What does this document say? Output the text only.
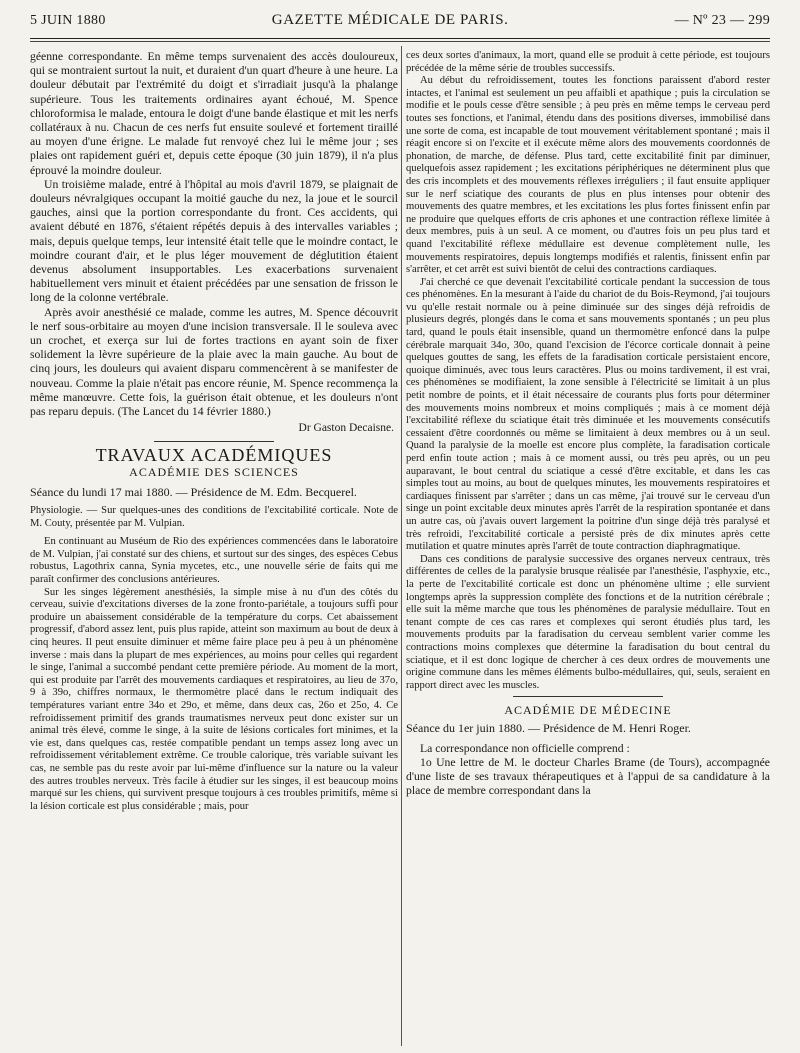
5 JUIN 1880	GAZETTE MÉDICALE DE PARIS.	— Nº 23 — 299

géenne correspondante. En même temps survenaient des accès douloureux, qui se montraient surtout la nuit, et duraient d'un quart d'heure à une heure. La douleur débutait par l'extrémité du doigt et s'irradiait jusqu'à la phalange supérieure. Tous les traitements ordinaires ayant échoué, M. Spence chloroformisa le malade, entoura le doigt d'une bande élastique et mit les nerfs collatéraux à nu. Chacun de ces nerfs fut ensuite soulevé et fortement tiraillé au moyen d'une érigne. Le malade fut renvoyé chez lui le même jour ; ses plaies ont rapidement guéri et, depuis cette époque (30 juin 1879), il n'a plus éprouvé la moindre douleur.

Un troisième malade, entré à l'hôpital au mois d'avril 1879, se plaignait de douleurs névralgiques occupant la moitié gauche du nez, la joue et le sourcil gauches, ainsi que la portion correspondante du front. Ces accidents, qui avaient débuté en 1876, s'étaient répétés depuis à des intervalles variables ; mais, depuis quelque temps, leur intensité était telle que le moindre contact, le moindre courant d'air, et le plus léger mouvement de déglutition étaient devenus absolument insupportables. Les exacerbations survenaient habituellement vers minuit et étaient précédées par une sensation de frisson le long de la colonne vertébrale.

Après avoir anesthésié ce malade, comme les autres, M. Spence découvrit le nerf sous-orbitaire au moyen d'une incision transversale. Il le souleva avec un crochet, et exerça sur lui de fortes tractions en ayant soin de fixer solidement la lèvre supérieure de la plaie avec la main gauche. Au bout de cinq jours, les douleurs qui avaient disparu commencèrent à se manifester de nouveau. Comme la plaie n'était pas encore réunie, M. Spence recommença la même manœuvre. Cette fois, la guérison était obtenue, et les douleurs n'ont pas reparu depuis. (The Lancet du 14 février 1880.)

Dr Gaston Decaisne.
TRAVAUX ACADÉMIQUES
ACADÉMIE DES SCIENCES

Séance du lundi 17 mai 1880. — Présidence de M. Edm. Becquerel.

Physiologie. — Sur quelques-unes des conditions de l'excitabilité corticale. Note de M. Couty, présentée par M. Vulpian.

En continuant au Muséum de Rio des expériences commencées dans le laboratoire de M. Vulpian, j'ai constaté sur des chiens, et surtout sur des singes, des espèces Cebus robustus, Lagothrix canna, Synia mycetes, etc., une nouvelle série de faits qui me paraît confirmer des conclusions antérieures.

Sur les singes légèrement anesthésiés, la simple mise à nu d'un des côtés du cerveau, suivie d'excitations diverses de la zone fronto-pariétale, a toujours suffi pour produire un abaissement considérable de la température du corps. Cet abaissement progressif, d'abord assez lent, puis plus rapide, atteint son maximum au bout de deux à cinq heures. Il peut ensuite diminuer et même faire place peu à peu à un phénomène inverse : mais dans la plupart de mes expériences, au moins pour celles qui regardent le singe, l'animal a succombé pendant cette première période. Au moment de la mort, qui est produite par l'arrêt des mouvements cardiaques et respiratoires, au lieu de 37o, 9 à 39o, chiffres normaux, le thermomètre placé dans le rectum indiquait des températures variant entre 34o et 29o, et même, dans deux cas, 26o et 25o, 4. Ce refroidissement primitif des grands traumatismes nerveux peut donc exister sur un animal très élevé, comme le singe, à la suite de lésions corticales fort minimes, et la vie est, dans quelques cas, restée compatible pendant un temps assez long avec un refroidissement véritablement extrême. Ce trouble calorique, très variable suivant les cas, ne semble pas du reste avoir par lui-même d'influence sur la nature ou la valeur des autres troubles nerveux. Très facile à étudier sur les singes, il est beaucoup moins marqué sur les chiens, qui survivent presque toujours à ces troubles primitifs, même si la lésion corticale est plus considérable ; mais, pour

ces deux sortes d'animaux, la mort, quand elle se produit à cette période, est toujours précédée de la même série de troubles successifs.

Au début du refroidissement, toutes les fonctions paraissent d'abord rester intactes, et l'animal est seulement un peu affaibli et apathique ; puis la circulation se modifie et le pouls cesse d'être sensible ; à peu près en même temps le cerveau perd toutes ses fonctions, et l'animal, étendu dans des positions diverses, immobilisé dans une sorte de coma, est incapable de tout mouvement véritablement spontané ; mais il réagit encore si on l'excite et il exécute même alors des mouvements coordonnés de phonation, de marche, de défense. Plus tard, cette excitabilité finit par diminuer, quelquefois assez rapidement ; les excitations périphériques ne déterminent plus que des cris incomplets et des mouvements réflexes irréguliers ; il faut ensuite appliquer sur le nerf sciatique des courants de plus en plus intenses pour obtenir des mouvements des quatre membres, et les excitations les plus fortes finissent enfin par ne produire que quelques efforts de cris aphones et une contraction réflexe limitée à deux membres, puis à un seul. A ce moment, ou d'autres fois un peu plus tard et quand l'excitabilité réflexe médullaire est devenue complètement nulle, les mouvements respiratoires, depuis longtemps modifiés et ralentis, finissent enfin par s'arrêter, et cet arrêt est suivi bientôt de celui des contractions cardiaques.

J'ai cherché ce que devenait l'excitabilité corticale pendant la succession de tous ces phénomènes. En la mesurant à l'aide du chariot de du Bois-Reymond, j'ai toujours vu qu'elle restait normale ou à peine diminuée sur des singes déjà refroidis de plusieurs degrés, plongés dans le coma et sans mouvements spontanés ; un peu plus tard, quand le pouls était insensible, quand un thermomètre enfoncé dans la pulpe cérébrale marquait 34o, 30o, quand l'excision de l'écorce corticale donnait à peine quelques gouttes de sang, les effets de la faradisation corticale persistaient encore, quoique diminués, avec tous leurs caractères. Plus ou moins tardivement, il est vrai, ces phénomènes se modifiaient, la zone sensible à l'électricité se limitait à un plus petit nombre de points, et il était nécessaire de courants plus forts pour déterminer des mouvements moins nombreux et moins compliqués ; mais à ce moment déjà l'excitabilité réflexe du sciatique était très diminuée et les mouvements consécutifs cessaient d'être coordonnés ou même se limitaient à deux membres ou à un seul. Quand la paralysie de la moelle est encore plus complète, la faradisation corticale perd enfin toute action ; mais à ce moment aussi, ou très peu après, ou un peu auparavant, le bout central du sciatique a cessé d'être excitable, et dans les cas simples tout au moins, au bout de quelques minutes, les mouvements respiratoires et cardiaques finissent par s'arrêter ; dans un cas même, j'ai trouvé sur le cerveau d'un singe un point excitable deux minutes après l'arrêt de la respiration spontanée et dans un autre cas, où j'avais ouvert largement la poitrine d'un singe déjà très paralysé et très refroidi, l'excitabilité corticale a persisté près de dix minutes après cette mutilation et quatre minutes après l'arrêt de toute contraction diaphragmatique.

Dans ces conditions de paralysie successive des organes nerveux centraux, très différentes de celles de la paralysie brusque réalisée par l'anesthésie, l'asphyxie, etc., la perte de l'excitabilité corticale est donc un phénomène ultime ; elle survient longtemps après la suppression complète des fonctions et de la nutrition cérébrale ; elle suit la même marche que tous les phénomènes de paralysie médullaire. Tout en tenant compte de ces cas rares et complexes qui seront étudiés plus tard, les mouvements produits par la faradisation du cerveau semblent varier comme les contractions moins complexes que détermine la faradisation du bout central du sciatique, et il est donc logique de chercher à ces deux ordres de mouvements une origine commune dans les mêmes éléments bulbo-médullaires, qui, seuls, seraient en rapport direct avec les muscles.

ACADÉMIE DE MÉDECINE

Séance du 1er juin 1880. — Présidence de M. Henri Roger.

La correspondance non officielle comprend :

1o Une lettre de M. le docteur Charles Brame (de Tours), accompagnée d'une liste de ses travaux thérapeutiques et à l'appui de sa candidature à la place de membre correspondant dans la
